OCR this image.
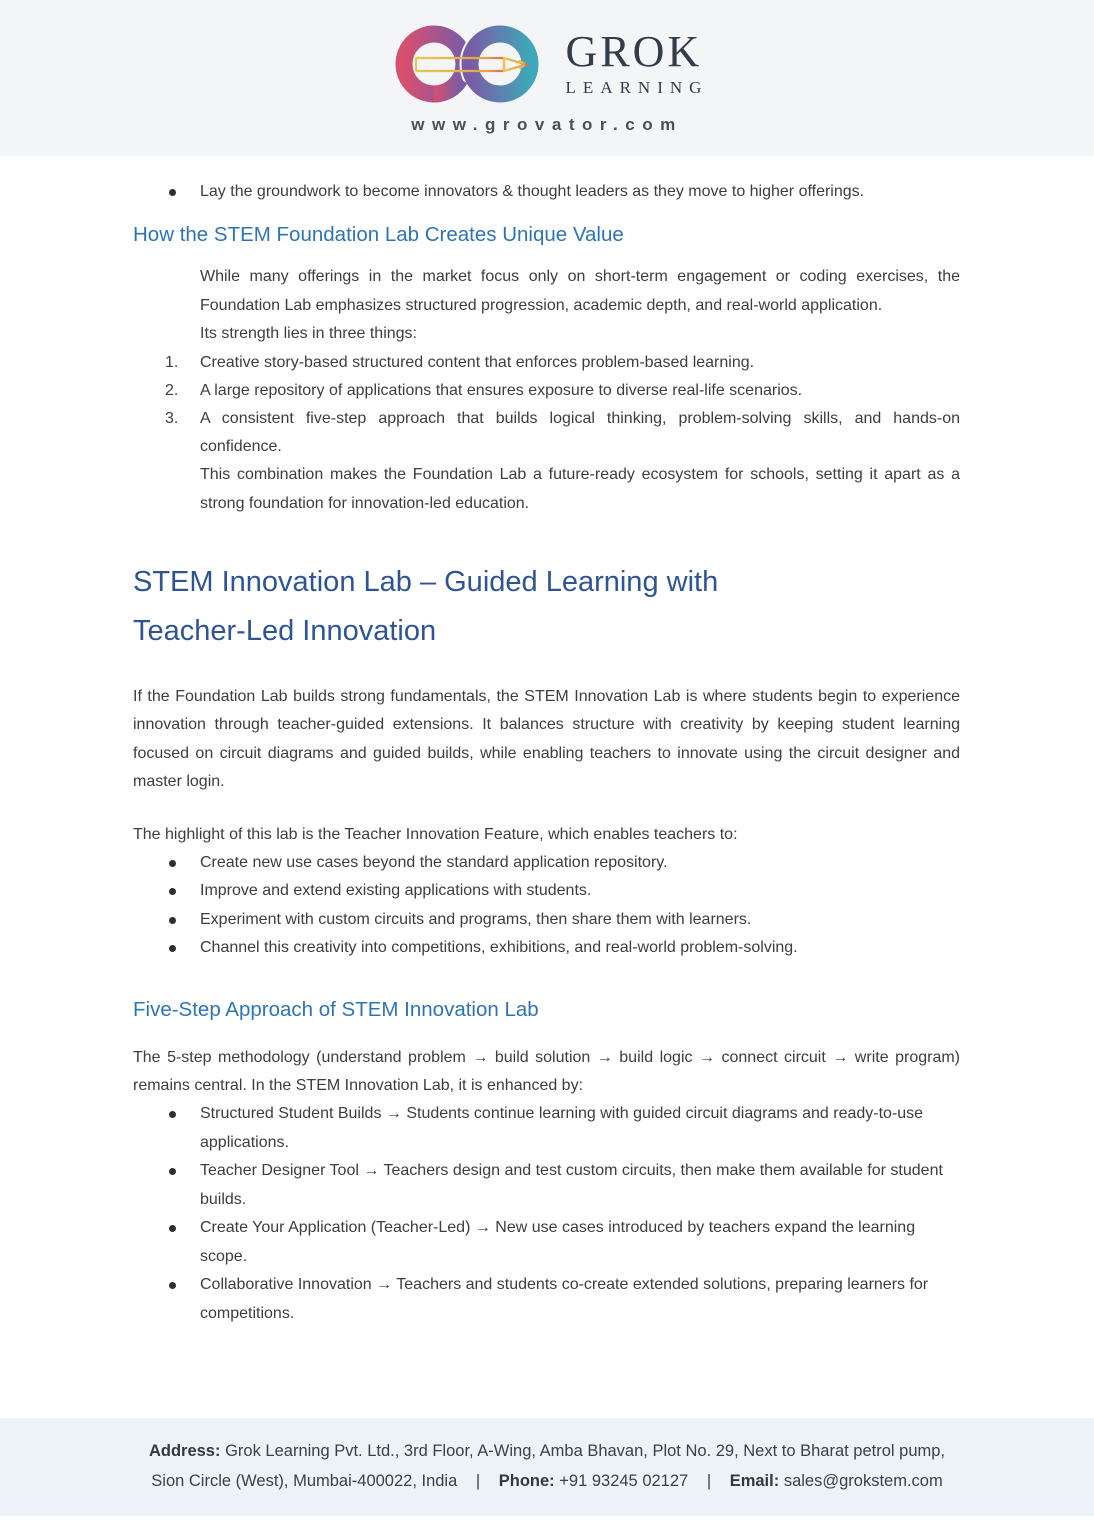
GROK
LEARNING
www.grovator.com
Lay the groundwork to become innovators & thought leaders as they move to higher offerings.
How the STEM Foundation Lab Creates Unique Value

While many offerings in the market focus only on short-term engagement or coding exercises, the Foundation Lab emphasizes structured progression, academic depth, and real-world application.

Its strength lies in three things:

Creative story-based structured content that enforces problem-based learning.
A large repository of applications that ensures exposure to diverse real-life scenarios.
A consistent five-step approach that builds logical thinking, problem-solving skills, and hands-on confidence.

This combination makes the Foundation Lab a future-ready ecosystem for schools, setting it apart as a strong foundation for innovation-led education.

STEM Innovation Lab – Guided Learning with Teacher-Led Innovation

If the Foundation Lab builds strong fundamentals, the STEM Innovation Lab is where students begin to experience innovation through teacher-guided extensions. It balances structure with creativity by keeping student learning focused on circuit diagrams and guided builds, while enabling teachers to innovate using the circuit designer and master login.

The highlight of this lab is the Teacher Innovation Feature, which enables teachers to:

Create new use cases beyond the standard application repository.
Improve and extend existing applications with students.
Experiment with custom circuits and programs, then share them with learners.
Channel this creativity into competitions, exhibitions, and real-world problem-solving.
Five-Step Approach of STEM Innovation Lab

The 5-step methodology (understand problem → build solution → build logic → connect circuit → write program) remains central. In the STEM Innovation Lab, it is enhanced by:

Structured Student Builds → Students continue learning with guided circuit diagrams and ready-to-use applications.
Teacher Designer Tool → Teachers design and test custom circuits, then make them available for student builds.
Create Your Application (Teacher-Led) → New use cases introduced by teachers expand the learning scope.
Collaborative Innovation → Teachers and students co-create extended solutions, preparing learners for competitions.
Address: Grok Learning Pvt. Ltd., 3rd Floor, A-Wing, Amba Bhavan, Plot No. 29, Next to Bharat petrol pump,
Sion Circle (West), Mumbai-400022, India | Phone: +91 93245 02127 | Email: sales@grokstem.com
